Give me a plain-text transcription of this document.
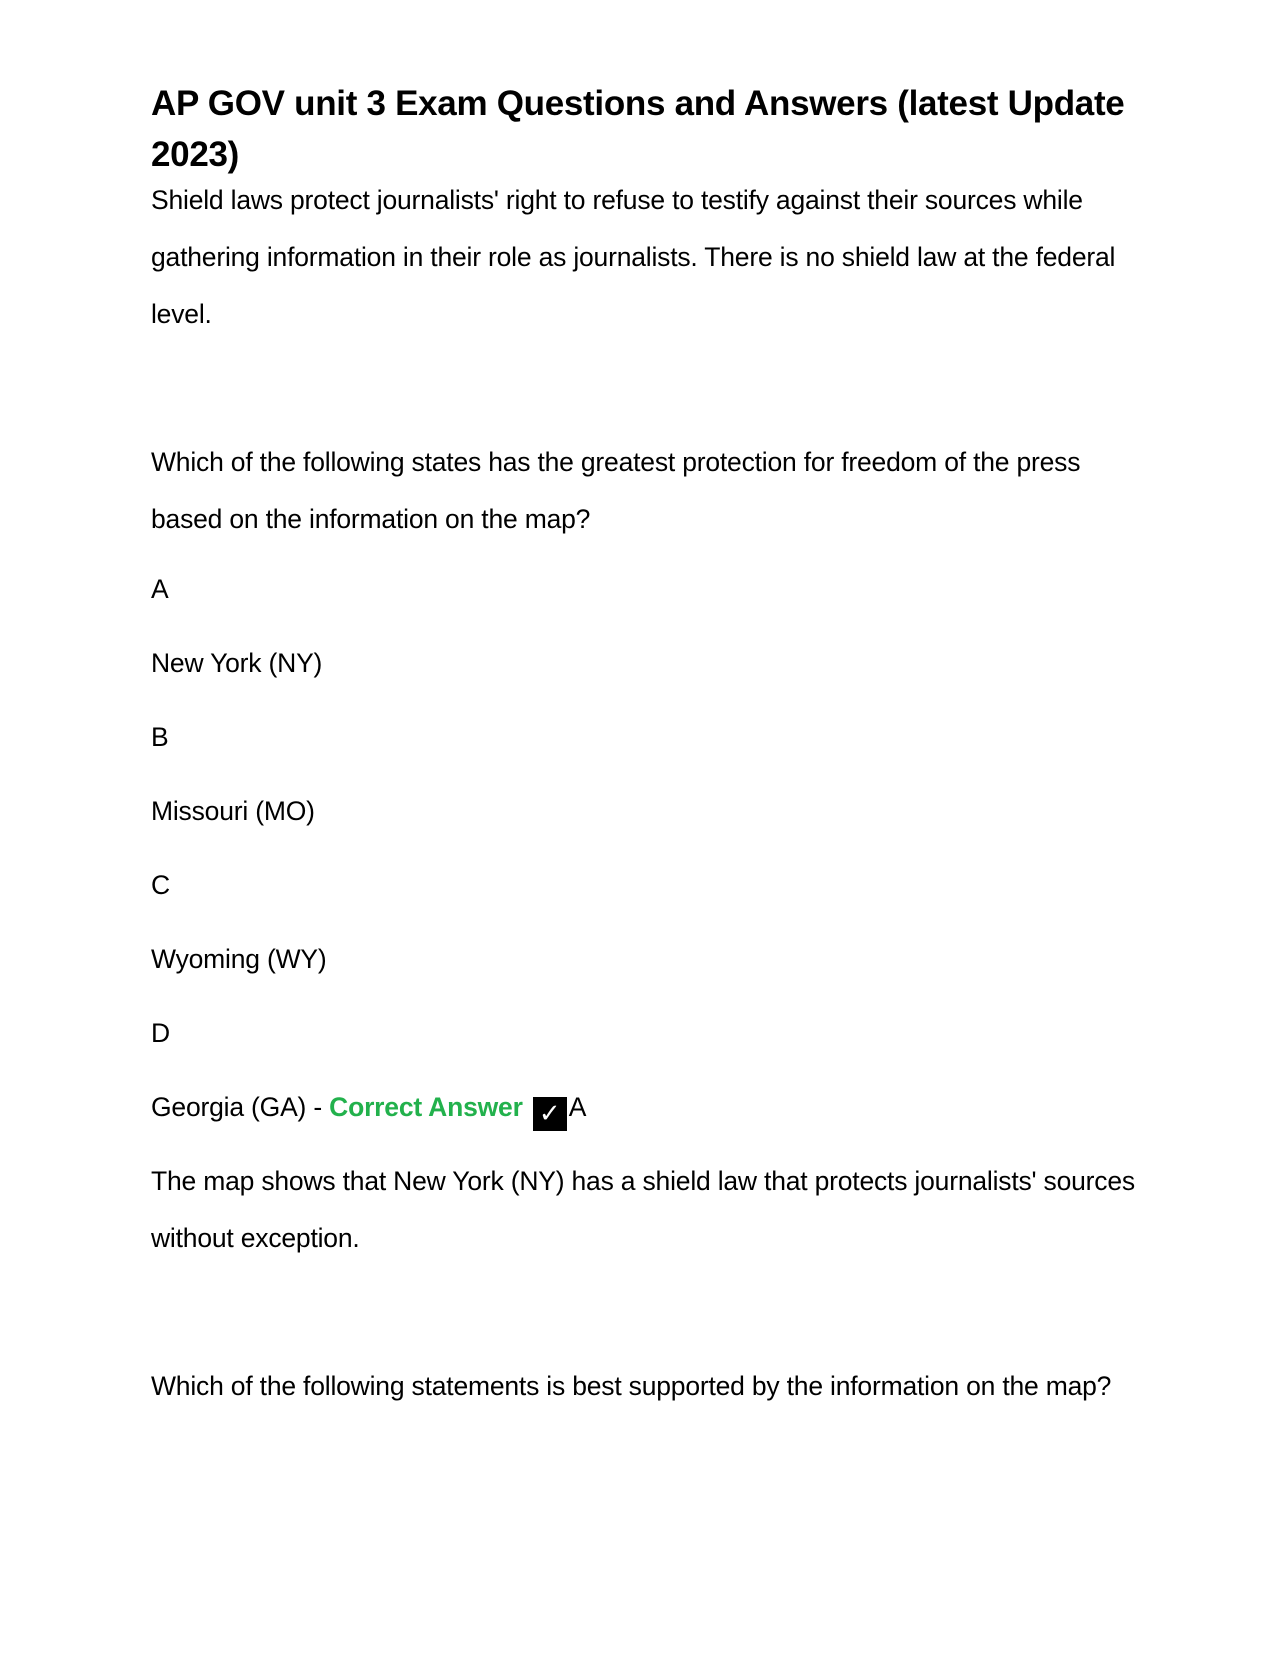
AP GOV unit 3 Exam Questions and Answers (latest Update 2023)

Shield laws protect journalists' right to refuse to testify against their sources while gathering information in their role as journalists. There is no shield law at the federal level.

Which of the following states has the greatest protection for freedom of the press based on the information on the map?

A

New York (NY)

B

Missouri (MO)

C

Wyoming (WY)

D

Georgia (GA) - Correct Answer ✓ A

The map shows that New York (NY) has a shield law that protects journalists' sources without exception.

Which of the following statements is best supported by the information on the map?
